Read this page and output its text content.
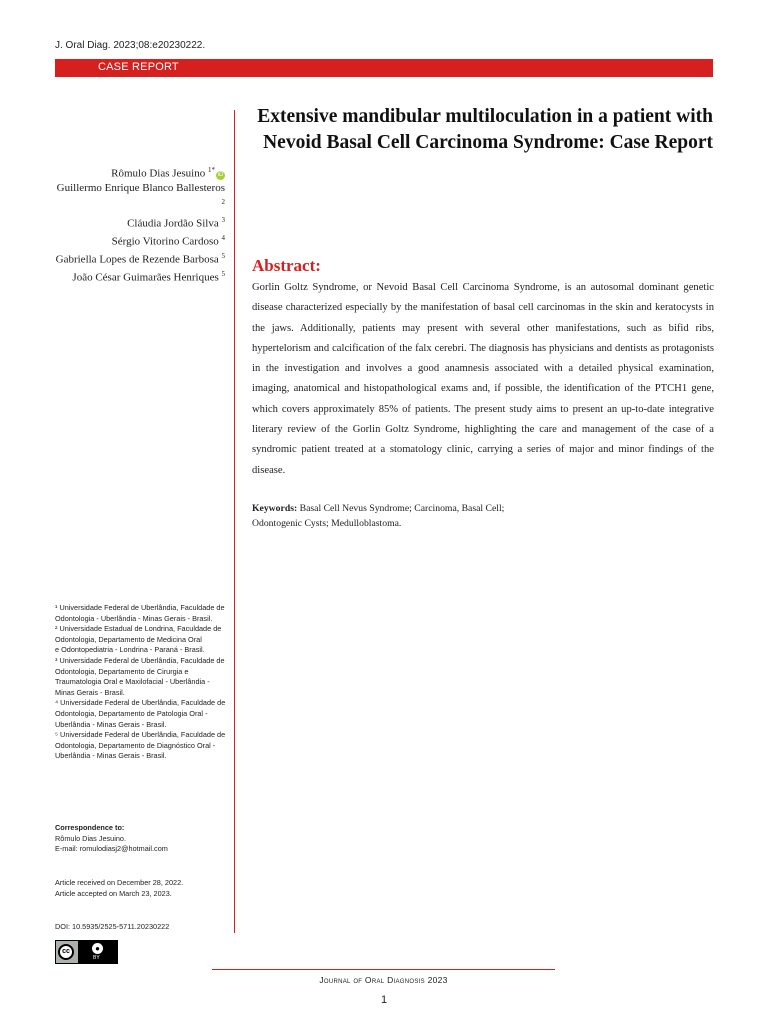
J. Oral Diag. 2023;08:e20230222.
CASE REPORT
Extensive mandibular multiloculation in a patient with Nevoid Basal Cell Carcinoma Syndrome: Case Report
Rômulo Dias Jesuino $^{1*}$iD
Guillermo Enrique Blanco Ballesteros $^2$
Cláudia Jordão Silva $^3$
Sérgio Vitorino Cardoso $^4$
Gabriella Lopes de Rezende Barbosa $^5$
João César Guimarães Henriques $^5$ Abstract:

Gorlin Goltz Syndrome, or Nevoid Basal Cell Carcinoma Syndrome, is an autosomal dominant genetic disease characterized especially by the manifestation of basal cell carcinomas in the skin and keratocysts in the jaws. Additionally, patients may present with several other manifestations, such as bifid ribs, hypertelorism and calcification of the falx cerebri. The diagnosis has physicians and dentists as protagonists in the investigation and involves a good anamnesis associated with a detailed physical examination, imaging, anatomical and histopathological exams and, if possible, the identification of the PTCH1 gene, which covers approximately 85% of patients. The present study aims to present an up-to-date integrative literary review of the Gorlin Goltz Syndrome, highlighting the care and management of the case of a syndromic patient treated at a stomatology clinic, carrying a series of major and minor findings of the disease.

Keywords: Basal Cell Nevus Syndrome; Carcinoma, Basal Cell; Odontogenic Cysts; Medulloblastoma.

¹ Universidade Federal de Uberlândia, Faculdade de Odontologia - Uberlândia - Minas Gerais - Brasil.
² Universidade Estadual de Londrina, Faculdade de Odontologia, Departamento de Medicina Oral
e Odontopediatria - Londrina - Paraná - Brasil.
³ Universidade Federal de Uberlândia, Faculdade de Odontologia, Departamento de Cirurgia e Traumatologia Oral e Maxilofacial - Uberlândia - Minas Gerais - Brasil.
⁴ Universidade Federal de Uberlândia, Faculdade de Odontologia, Departamento de Patologia Oral - Uberlândia - Minas Gerais - Brasil.
⁵ Universidade Federal de Uberlândia, Faculdade de Odontologia, Departamento de Diagnóstico Oral - Uberlândia - Minas Gerais - Brasil.
Correspondence to:
Rômulo Dias Jesuino.
E-mail: romulodiasj2@hotmail.com
Article received on December 28, 2022.
Article accepted on March 23, 2023.
DOI: 10.5935/2525-5711.20230222
cc	●
BY
Journal of Oral Diagnosis 2023
1
